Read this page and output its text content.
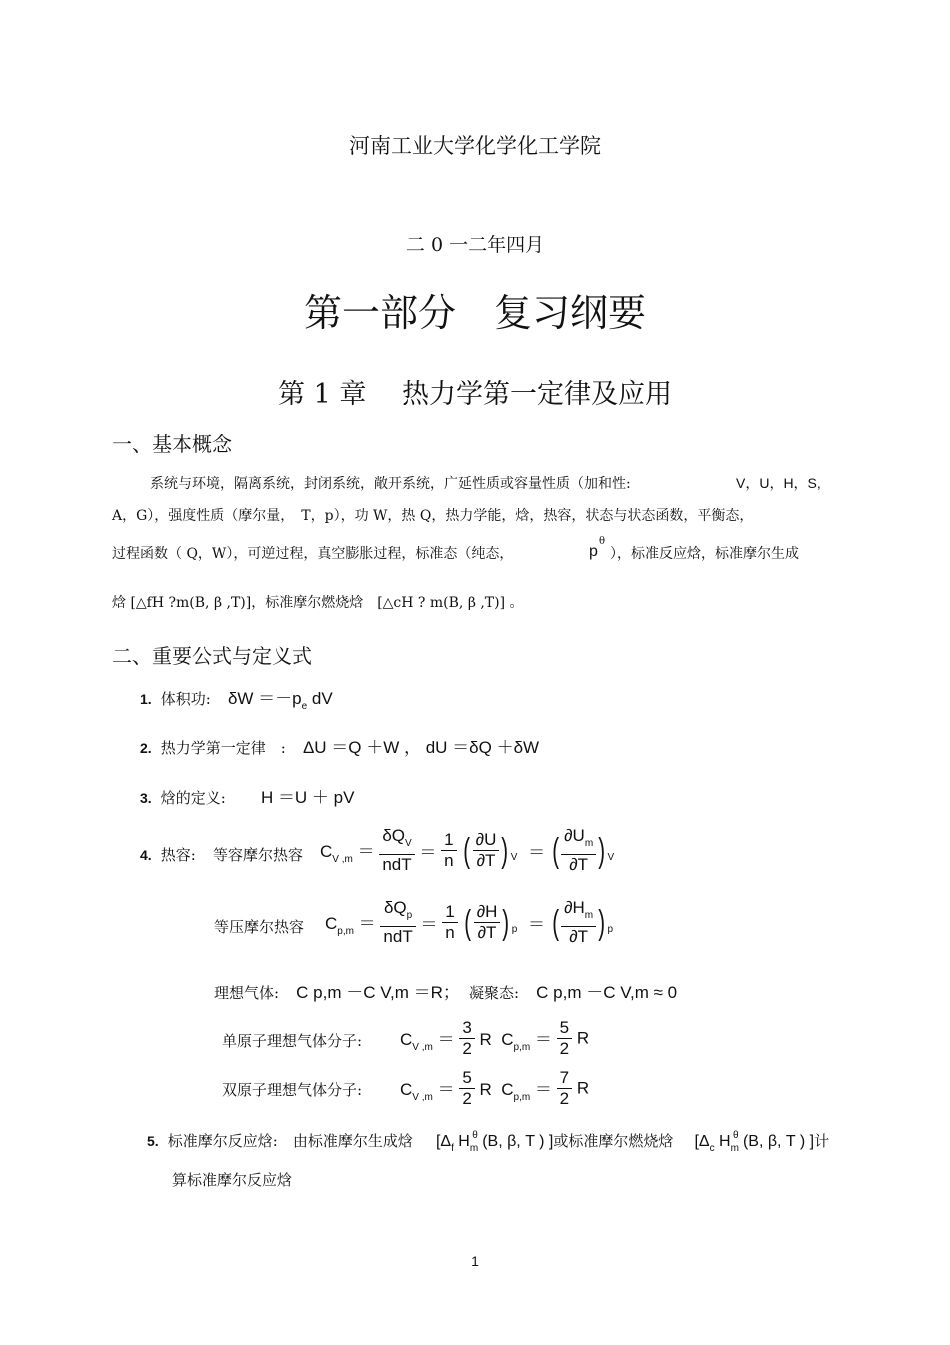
河南工业大学化学化工学院
二 0 一二年四月
第一部分　复习纲要
第 1 章　 热力学第一定律及应用
一、基本概念
系统与环境，隔离系统，封闭系统，敞开系统，广延性质或容量性质（加和性:	V，U，H，S,
A，G），强度性质（摩尔量，　T，p），功 W，热 Q，热力学能，焓，热容，状态与状态函数，平衡态，
过程函数（ Q，W），可逆过程，真空膨胀过程，标准态（纯态，	p
θ
），标准反应焓，标准摩尔生成
焓 [△fH ?m(B, β ,T)]，标准摩尔燃烧焓　[△cH ? m(B, β ,T)] 。
二、重要公式与定义式
1. 体积功: $\delta W =-p_e$ dV
2. 热力学第一定律　: ΔU ＝Q ＋W ， dU ＝δQ ＋δW
3. 焓的定义: H ＝U ＋ pV
4. 热容: 等容摩尔热容 $C_{V ,m} = \frac{\delta Q_V}{\text{ndT}} = \frac{1}{n}$ ( $\frac{\partial U}{\partial T}$ ) $_V$ ＝ ( $\frac{\partial U_m}{\partial T}$ ) $_V$
等压摩尔热容 $C_{p,m} = \frac{\delta Q_p}{\text{ndT}} = \frac{1}{n}$ ( $\frac{\partial H}{\partial T}$ ) $_p$ ＝ ( $\frac{\partial H_m}{\partial T}$ ) $_p$
理想气体: C p,m －C V,m ＝R； 凝聚态: C p,m －C V,m ≈ 0
单原子理想气体分子: $C_{V ,m} = \frac{3}{2}$ R  $C_{p,m} = \frac{5}{2}$ R
双原子理想气体分子: $C_{V ,m} = \frac{5}{2}$ R  $C_{p,m} = \frac{7}{2}$ R
5. 标准摩尔反应焓:　由标准摩尔生成焓 [$\Delta_f$ $H_m^\theta$ (B, β, T ) ]或标准摩尔燃烧焓 [$\Delta_c$ $H_m^\theta$ (B, β, T ) ]计
算标准摩尔反应焓
1
